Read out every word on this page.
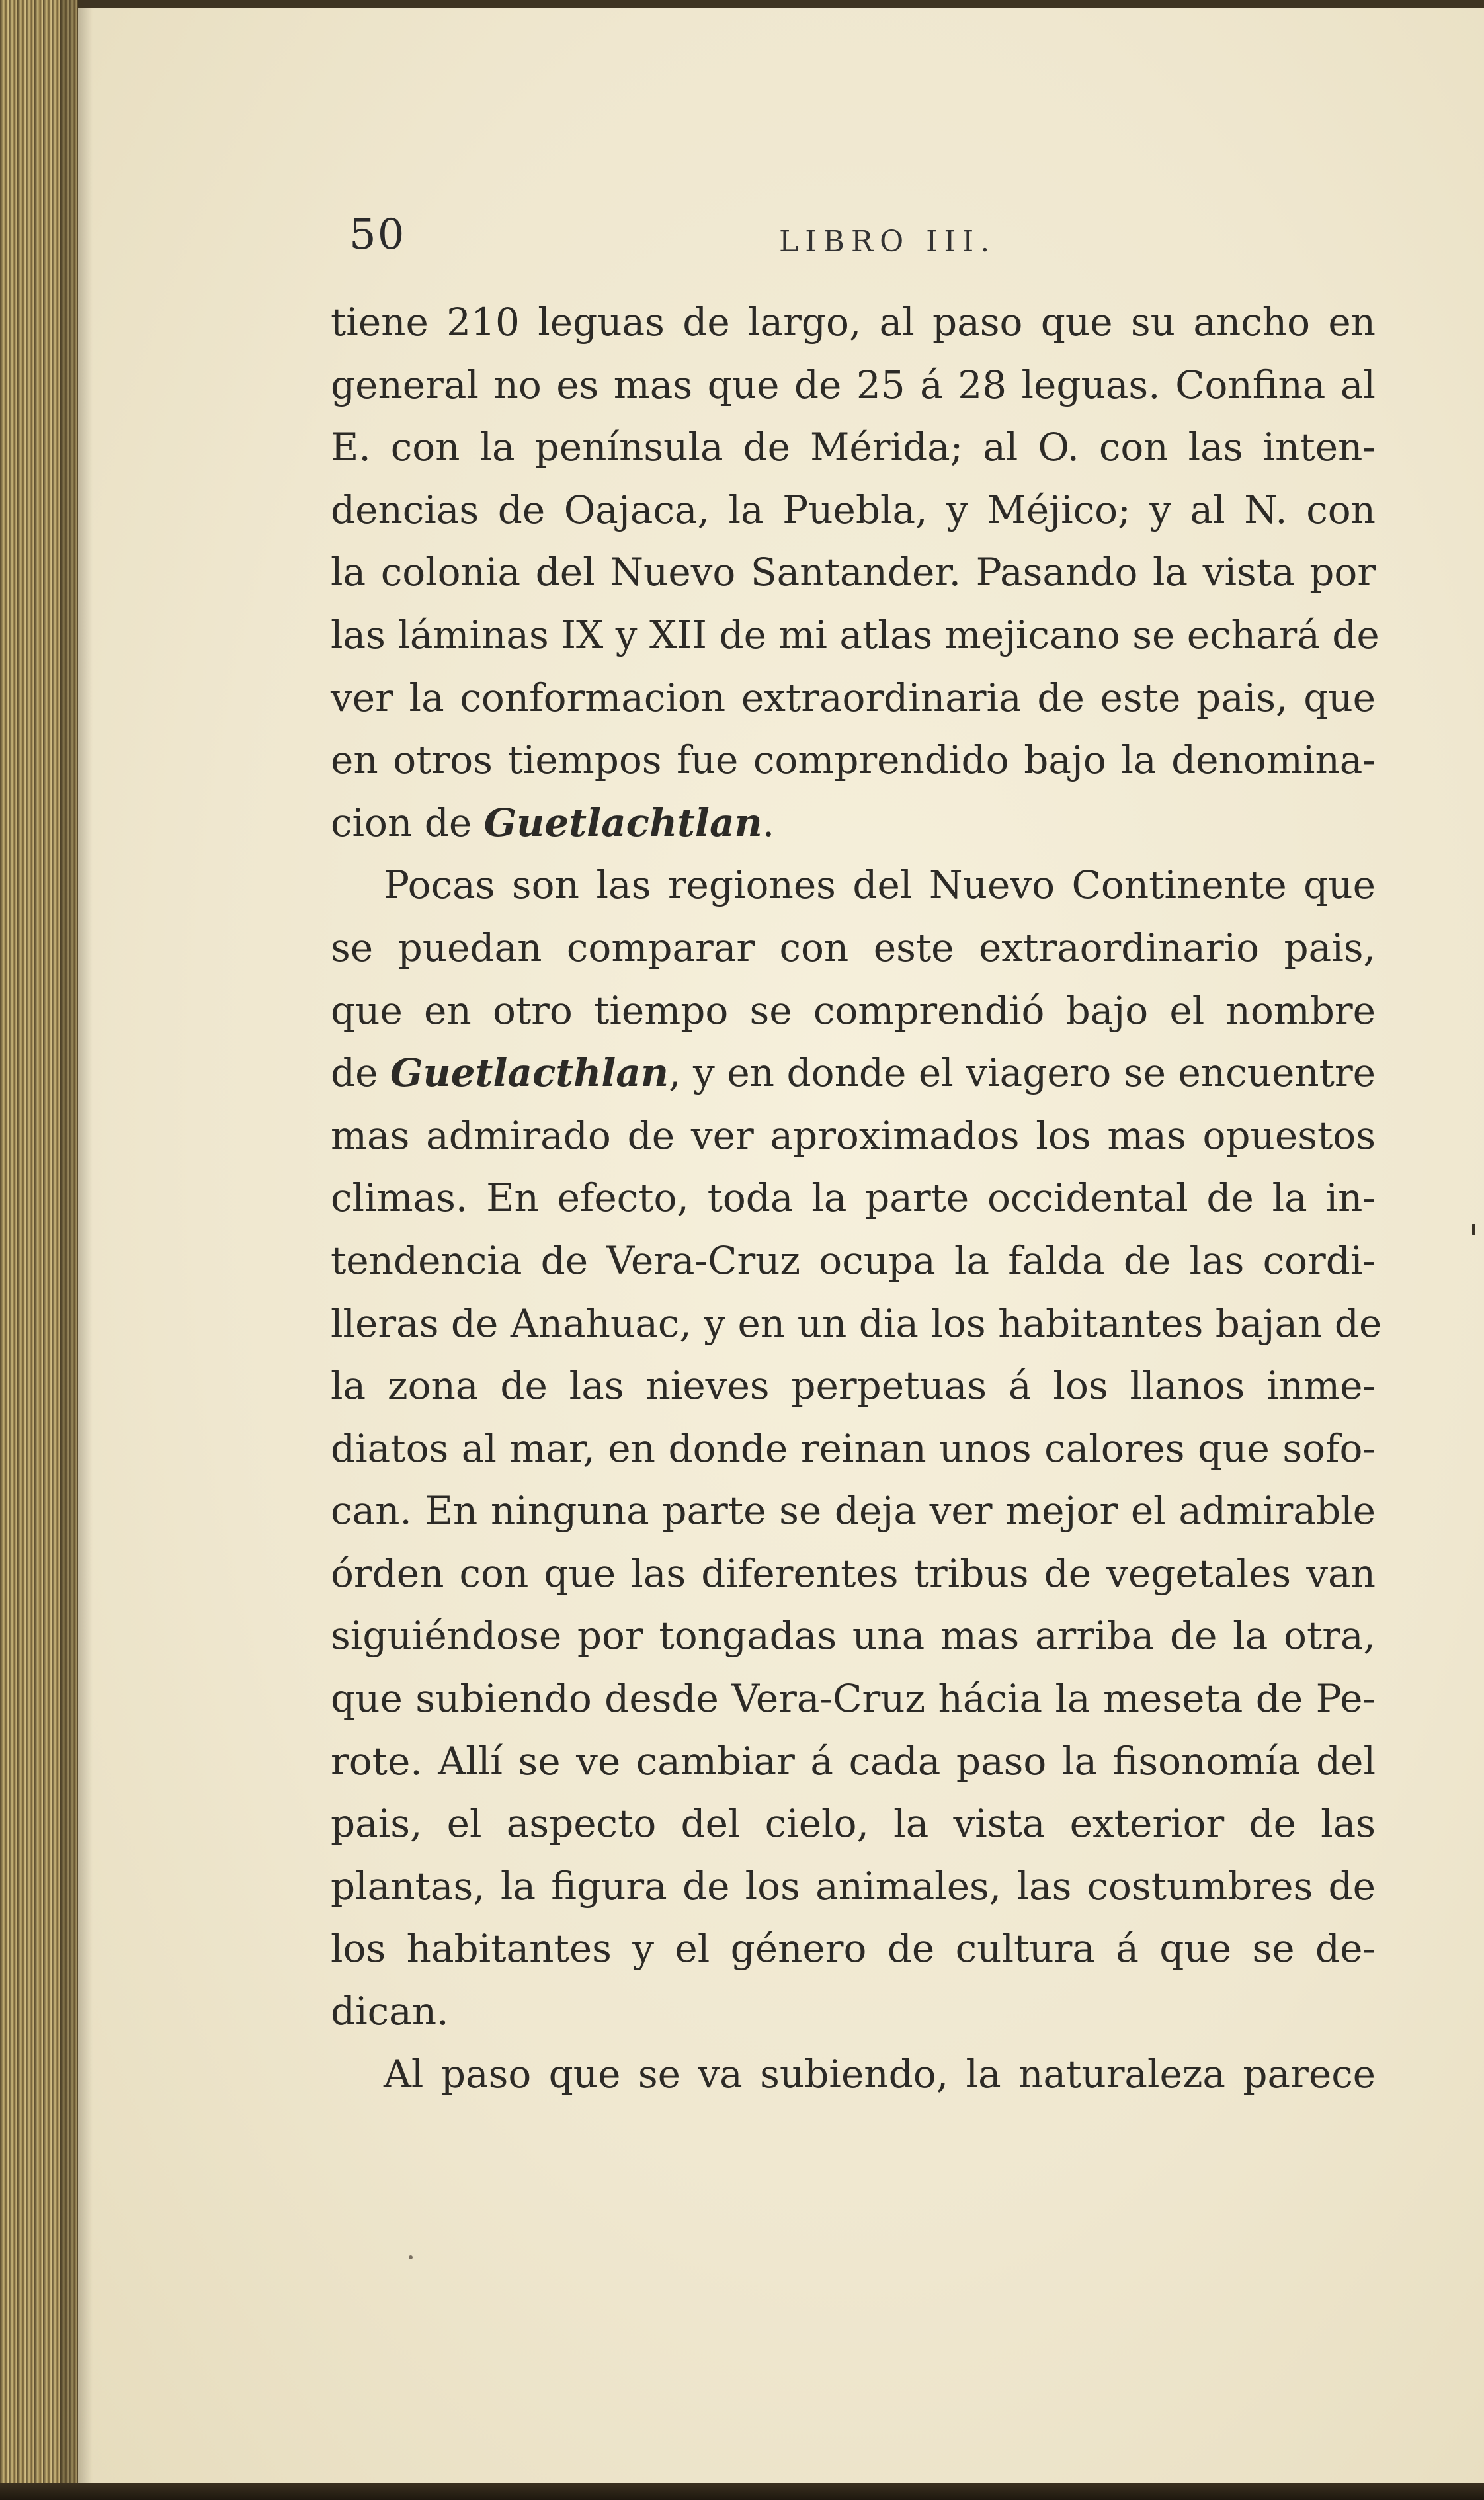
50	LIBRO III.
tiene 210 leguas de largo, al paso que su ancho en
general no es mas que de 25 á 28 leguas. Confina al
E. con la península de Mérida; al O. con las inten-
dencias de Oajaca, la Puebla, y Méjico; y al N. con
la colonia del Nuevo Santander. Pasando la vista por
las láminas IX y XII de mi atlas mejicano se echará de
ver la conformacion extraordinaria de este pais, que
en otros tiempos fue comprendido bajo la denomina-
cion de Guetlachtlan.
Pocas son las regiones del Nuevo Continente que
se puedan comparar con este extraordinario pais,
que en otro tiempo se comprendió bajo el nombre
de Guetlacthlan, y en donde el viagero se encuentre
mas admirado de ver aproximados los mas opuestos
climas. En efecto, toda la parte occidental de la in-
tendencia de Vera-Cruz ocupa la falda de las cordi-
lleras de Anahuac, y en un dia los habitantes bajan de
la zona de las nieves perpetuas á los llanos inme-
diatos al mar, en donde reinan unos calores que sofo-
can. En ninguna parte se deja ver mejor el admirable
órden con que las diferentes tribus de vegetales van
siguiéndose por tongadas una mas arriba de la otra,
que subiendo desde Vera-Cruz hácia la meseta de Pe-
rote. Allí se ve cambiar á cada paso la fisonomía del
pais, el aspecto del cielo, la vista exterior de las
plantas, la figura de los animales, las costumbres de
los habitantes y el género de cultura á que se de-
dican.
Al paso que se va subiendo, la naturaleza parece
